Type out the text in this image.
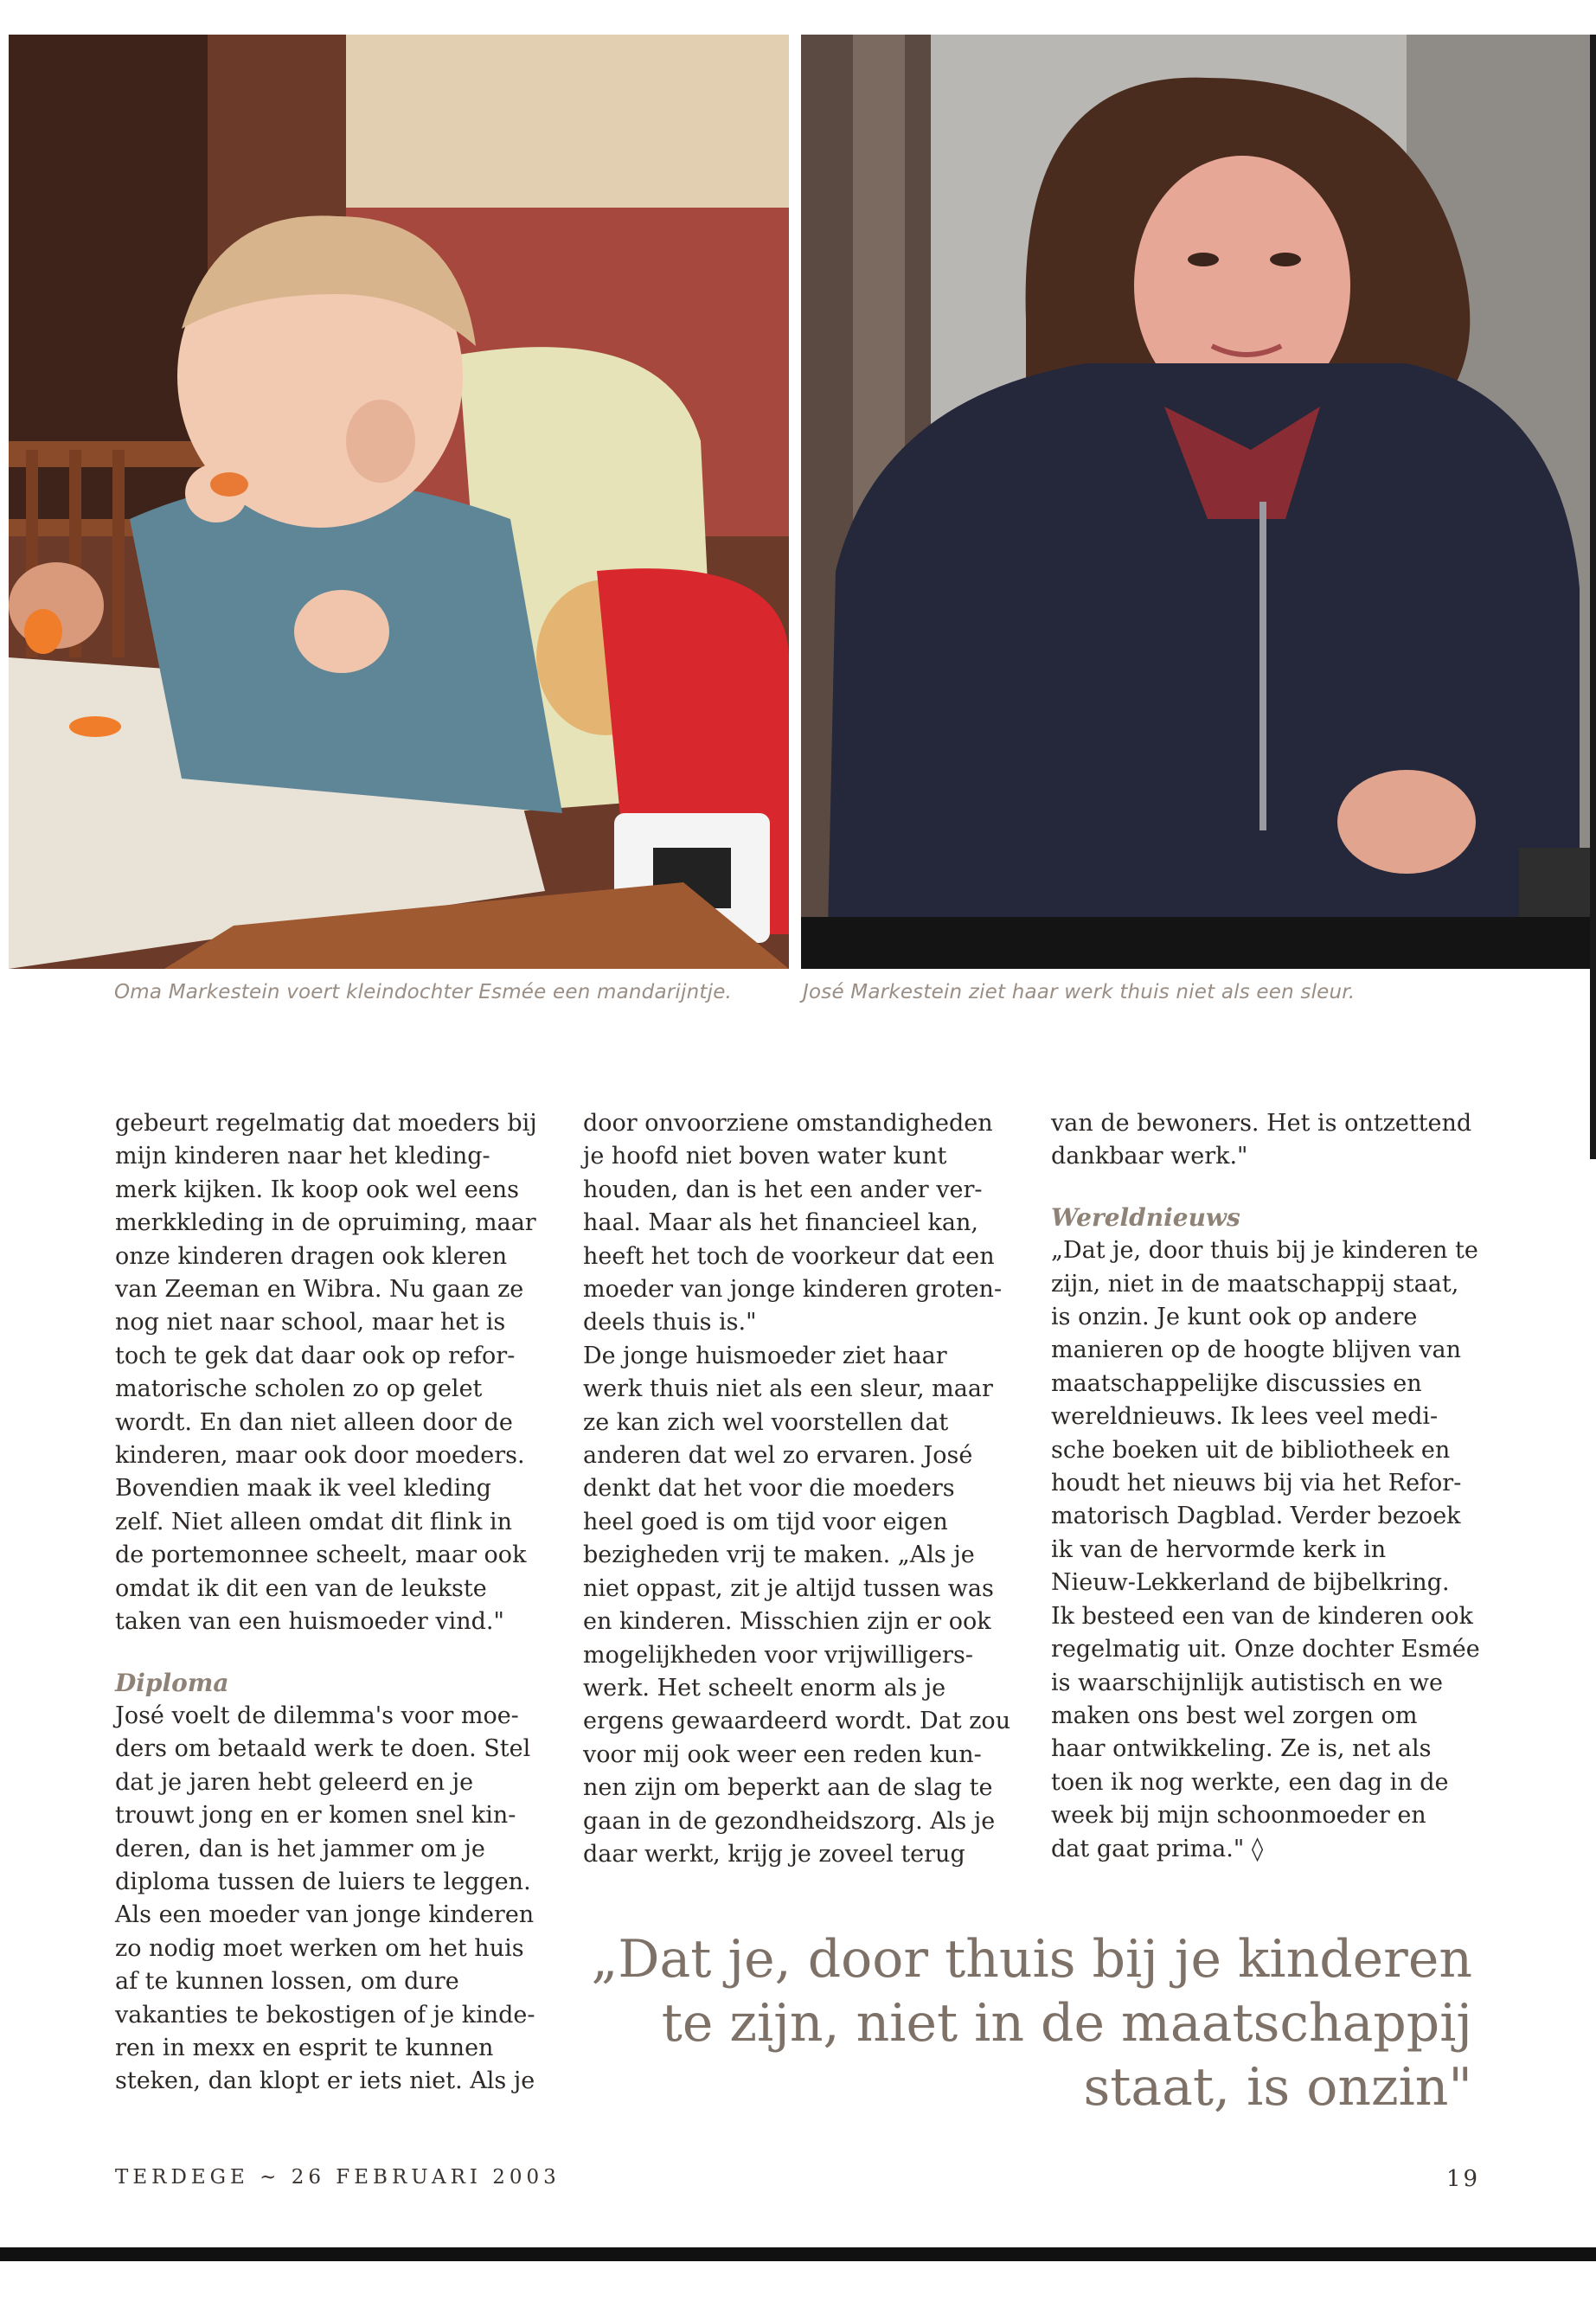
Oma Markestein voert kleindochter Esmée een mandarijntje.	José Markestein ziet haar werk thuis niet als een sleur.

gebeurt regelmatig dat moeders bij
mijn kinderen naar het kleding-
merk kijken. Ik koop ook wel eens
merkkleding in de opruiming, maar
onze kinderen dragen ook kleren
van Zeeman en Wibra. Nu gaan ze
nog niet naar school, maar het is
toch te gek dat daar ook op refor-
matorische scholen zo op gelet
wordt. En dan niet alleen door de
kinderen, maar ook door moeders.
Bovendien maak ik veel kleding
zelf. Niet alleen omdat dit flink in
de portemonnee scheelt, maar ook
omdat ik dit een van de leukste
taken van een huismoeder vind."

Diploma

José voelt de dilemma's voor moe-
ders om betaald werk te doen. Stel
dat je jaren hebt geleerd en je
trouwt jong en er komen snel kin-
deren, dan is het jammer om je
diploma tussen de luiers te leggen.
Als een moeder van jonge kinderen
zo nodig moet werken om het huis
af te kunnen lossen, om dure
vakanties te bekostigen of je kinde-
ren in mexx en esprit te kunnen
steken, dan klopt er iets niet. Als je

door onvoorziene omstandigheden
je hoofd niet boven water kunt
houden, dan is het een ander ver-
haal. Maar als het financieel kan,
heeft het toch de voorkeur dat een
moeder van jonge kinderen groten-
deels thuis is."

De jonge huismoeder ziet haar
werk thuis niet als een sleur, maar
ze kan zich wel voorstellen dat
anderen dat wel zo ervaren. José
denkt dat het voor die moeders
heel goed is om tijd voor eigen
bezigheden vrij te maken. „Als je
niet oppast, zit je altijd tussen was
en kinderen. Misschien zijn er ook
mogelijkheden voor vrijwilligers-
werk. Het scheelt enorm als je
ergens gewaardeerd wordt. Dat zou
voor mij ook weer een reden kun-
nen zijn om beperkt aan de slag te
gaan in de gezondheidszorg. Als je
daar werkt, krijg je zoveel terug

van de bewoners. Het is ontzettend
dankbaar werk."

Wereldnieuws

„Dat je, door thuis bij je kinderen te
zijn, niet in de maatschappij staat,
is onzin. Je kunt ook op andere
manieren op de hoogte blijven van
maatschappelijke discussies en
wereldnieuws. Ik lees veel medi-
sche boeken uit de bibliotheek en
houdt het nieuws bij via het Refor-
matorisch Dagblad. Verder bezoek
ik van de hervormde kerk in
Nieuw-Lekkerland de bijbelkring.
Ik besteed een van de kinderen ook
regelmatig uit. Onze dochter Esmée
is waarschijnlijk autistisch en we
maken ons best wel zorgen om
haar ontwikkeling. Ze is, net als
toen ik nog werkte, een dag in de
week bij mijn schoonmoeder en
dat gaat prima." ◊

„Dat je, door thuis bij je kinderen
te zijn, niet in de maatschappij
staat, is onzin"
TERDEGE ~ 26 FEBRUARI 2003	19
